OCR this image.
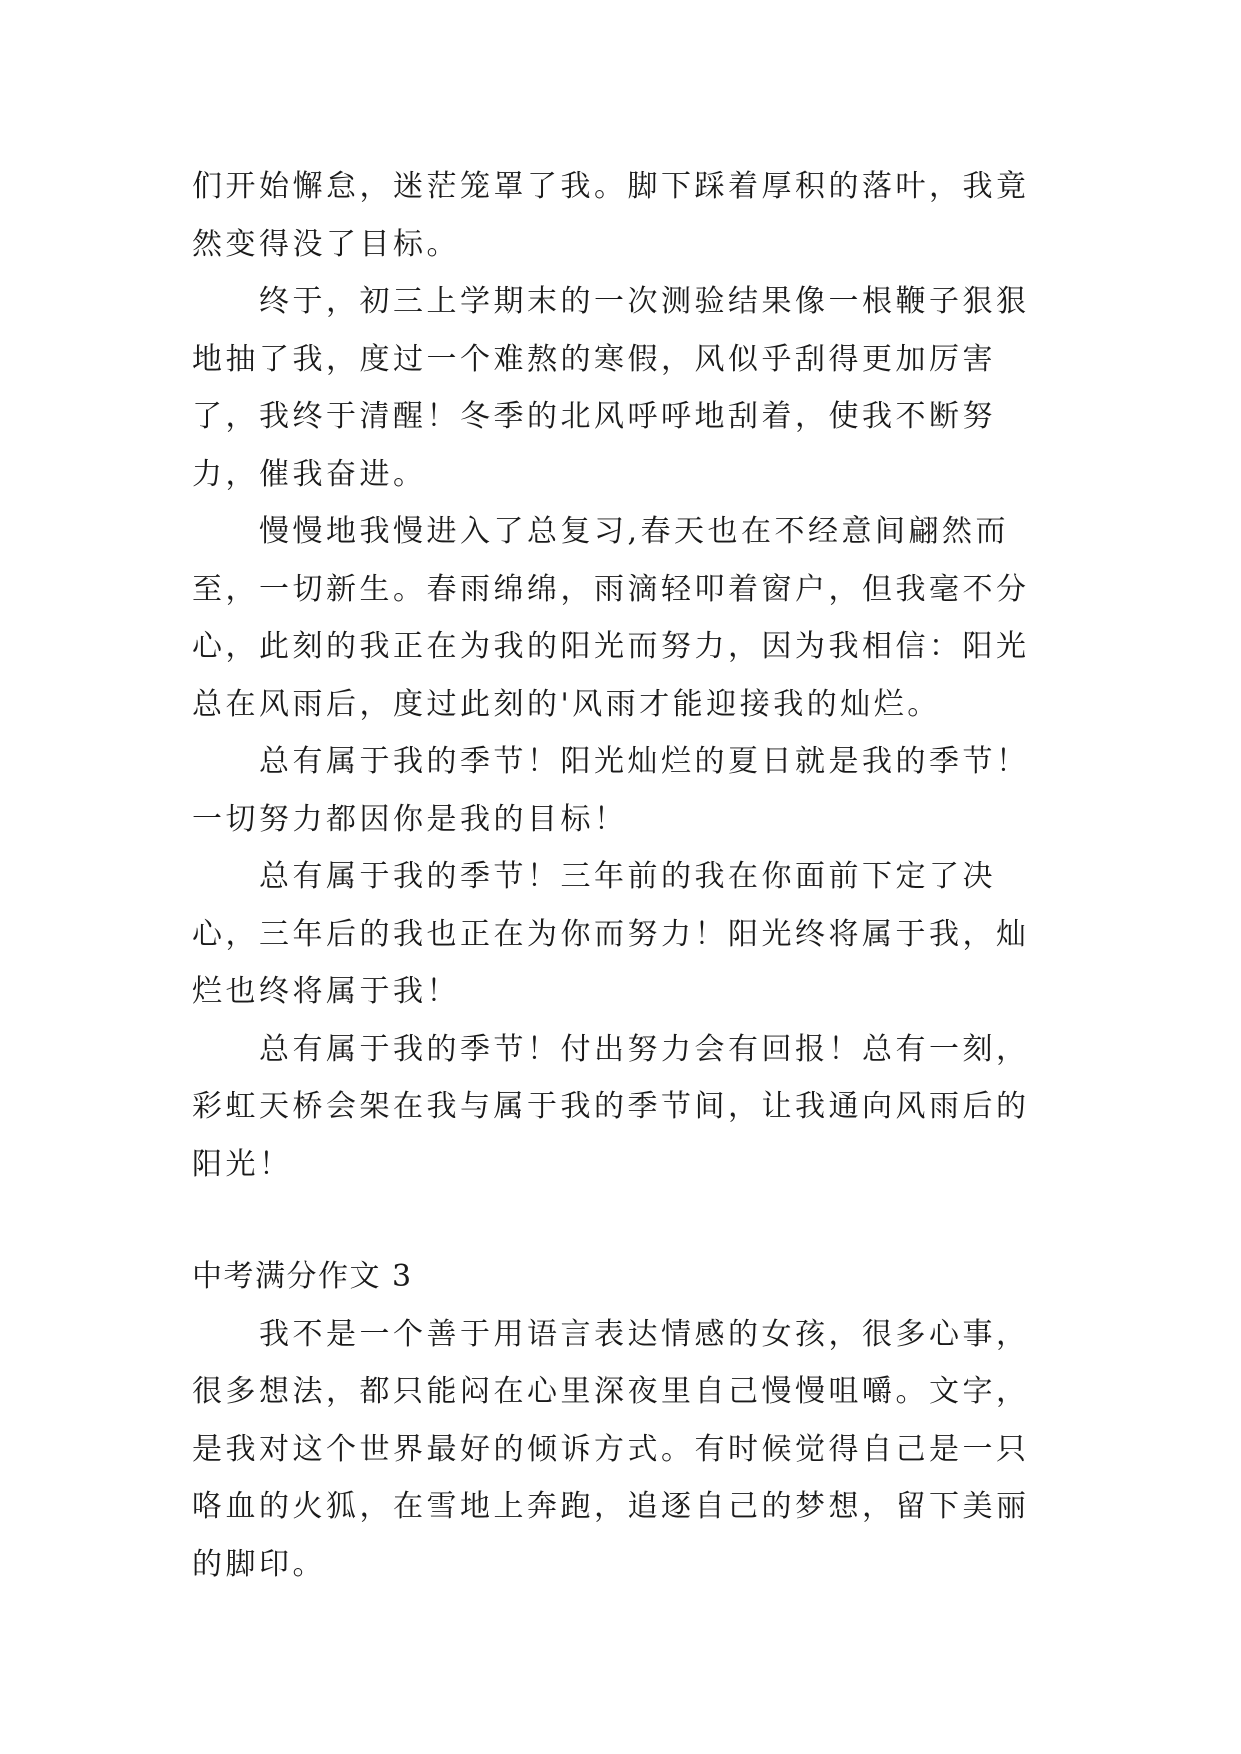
们开始懈怠，迷茫笼罩了我。脚下踩着厚积的落叶，我竟然变得没了目标。

终于，初三上学期末的一次测验结果像一根鞭子狠狠地抽了我，度过一个难熬的寒假，风似乎刮得更加厉害了，我终于清醒！冬季的北风呼呼地刮着，使我不断努力，催我奋进。

慢慢地我慢进入了总复习,春天也在不经意间翩然而至，一切新生。春雨绵绵，雨滴轻叩着窗户，但我毫不分心，此刻的我正在为我的阳光而努力，因为我相信：阳光总在风雨后，度过此刻的'风雨才能迎接我的灿烂。

总有属于我的季节！阳光灿烂的夏日就是我的季节！一切努力都因你是我的目标！

总有属于我的季节！三年前的我在你面前下定了决心，三年后的我也正在为你而努力！阳光终将属于我，灿烂也终将属于我！

总有属于我的季节！付出努力会有回报！总有一刻，彩虹天桥会架在我与属于我的季节间，让我通向风雨后的阳光！

中考满分作文 3

我不是一个善于用语言表达情感的女孩，很多心事，很多想法，都只能闷在心里深夜里自己慢慢咀嚼。文字，是我对这个世界最好的倾诉方式。有时候觉得自己是一只咯血的火狐，在雪地上奔跑，追逐自己的梦想，留下美丽的脚印。
